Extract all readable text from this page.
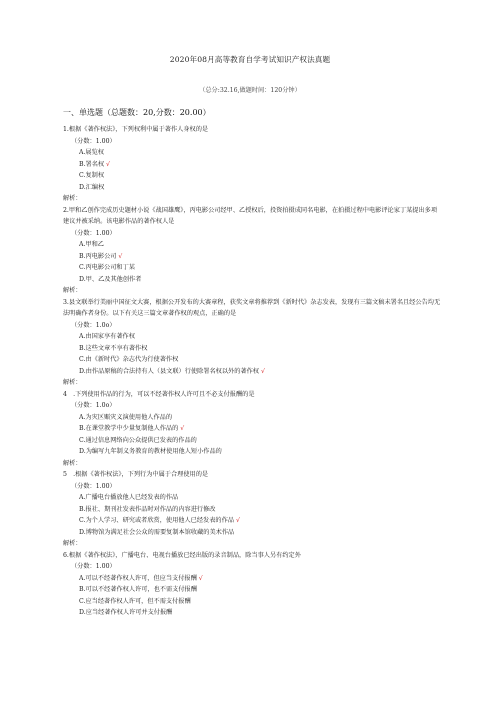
2020年08月高等教育自学考试知识产权法真题
（总分:32.16,做题时间：120分钟）
一、单选题（总题数：20,分数：20.00）
1.根据《著作权法》，下列权利中属于著作人身权的是
（分数：1.00）
A.展览权
B.署名权 √
C.复制权
D.汇编权
解析：
2.甲和乙创作完成历史题材小说《战国雄鹰》，丙电影公司经甲、乙授权后，投资拍摄成同名电影，在拍摄过程中电影评论家丁某提出多项建议并被采纳。该电影作品的著作权人是
（分数：1.00）
A.甲和乙
B.丙电影公司 √
C.丙电影公司和丁某
D.甲、乙及其他创作者
解析：
3.县文联举行美丽中国征文大赛，根据公开发布的大赛章程，获奖文章将推荐到《新时代》杂志发表，发现有三篇文稿未署名且经公告均无法明确作者身份。以下有关这三篇文章著作权的观点，正确的是
（分数：1.0o）
A.由国家享有著作权
B.这些文章不享有著作权
C.由《新时代》杂志代为行使著作权
D.由作品原稿的合法持有人（县文联）行使除署名权以外的著作权 √
解析：
4　.下列使用作品的行为，可以不经著作权人许可且不必支付报酬的是
（分数：1.0o）
A.为灾区赈灾义演使用他人作品的
B.在课堂教学中少量复制他人作品的 √
C.通过信息网络向公众提供已发表的作品的
D.为编写九年制义务教育的教材使用他人短小作品的
解析：
5　.根据《著作权法》，下列行为中属于合理使用的是
（分数：1.00）
A.广播电台播放他人已经发表的作品
B.报社、期刊社发表作品时对作品的内容进行修改
C.为个人学习、研究或者欣赏，使用他人已经发表的作品 √
D.博物馆为满足社会公众的需要复制本馆收藏的美术作品
解析：
6.根据《著作权法》，广播电台、电视台播放已经出版的录音制品，除当事人另有约定外
（分数：1.00）
A.可以不经著作权人许可，但应当支付报酬 √
B.可以不经著作权人许可，也不需支付报酬
C.应当经著作权人许可，但不需支付报酬
D.应当经著作权人许可并支付报酬
